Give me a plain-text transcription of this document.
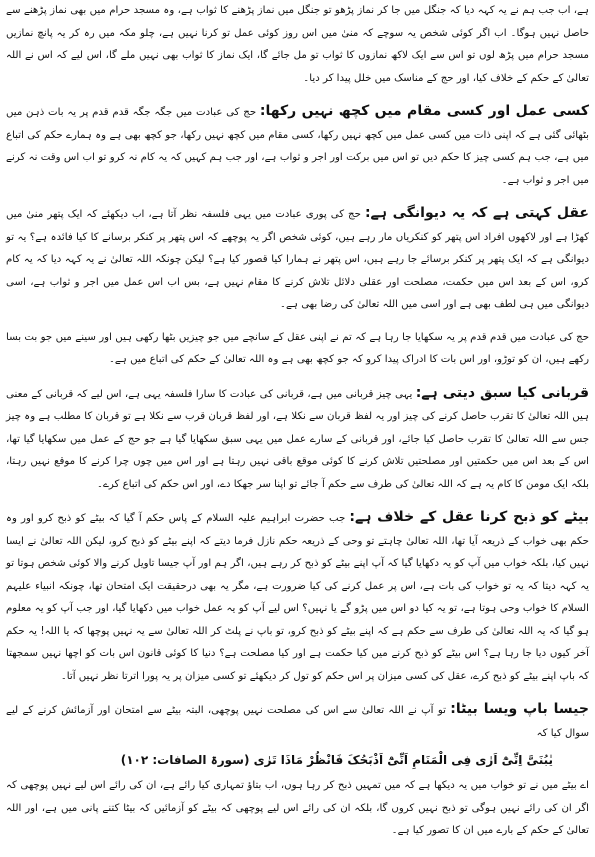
ہے، اب جب ہم نے یہ کہہ دیا کہ جنگل میں جا کر نماز پڑھو تو جنگل میں نماز پڑھنے کا ثواب ہے، وہ مسجد حرام میں بھی نماز پڑھنے سے حاصل نہیں ہوگا۔ اب اگر کوئی شخص یہ سوچے کہ منیٰ میں اس روز کوئی عمل تو کرنا نہیں ہے، چلو مکہ میں رہ کر یہ پانچ نمازیں مسجد حرام میں پڑھ لوں تو اس سے ایک لاکھ نمازوں کا ثواب تو مل جائے گا، ایک نماز کا ثواب بھی نہیں ملے گا، اس لیے کہ اس نے اللہ تعالیٰ کے حکم کے خلاف کیا، اور حج کے مناسک میں خلل پیدا کر دیا۔

کسی عمل اور کسی مقام میں کچھ نہیں رکھا: حج کی عبادت میں جگہ جگہ قدم قدم پر یہ بات ذہن میں بٹھائی گئی ہے کہ اپنی ذات میں کسی عمل میں کچھ نہیں رکھا، کسی مقام میں کچھ نہیں رکھا، جو کچھ بھی ہے وہ ہمارے حکم کی اتباع میں ہے، جب ہم کسی چیز کا حکم دیں تو اس میں برکت اور اجر و ثواب ہے، اور جب ہم کہیں کہ یہ کام نہ کرو تو اب اس وقت نہ کرنے میں اجر و ثواب ہے۔

عقل کہتی ہے کہ یہ دیوانگی ہے: حج کی پوری عبادت میں یہی فلسفہ نظر آتا ہے، اب دیکھئے کہ ایک پتھر منیٰ میں کھڑا ہے اور لاکھوں افراد اس پتھر کو کنکریاں مار رہے ہیں، کوئی شخص اگر یہ پوچھے کہ اس پتھر پر کنکر برسانے کا کیا فائدہ ہے؟ یہ تو دیوانگی ہے کہ ایک پتھر پر کنکر برسائے جا رہے ہیں، اس پتھر نے ہمارا کیا قصور کیا ہے؟ لیکن چونکہ اللہ تعالیٰ نے یہ کہہ دیا کہ یہ کام کرو، اس کے بعد اس میں حکمت، مصلحت اور عقلی دلائل تلاش کرنے کا مقام نہیں ہے، بس اب اس عمل میں اجر و ثواب ہے، اسی دیوانگی میں ہی لطف بھی ہے اور اسی میں اللہ تعالیٰ کی رضا بھی ہے۔

حج کی عبادت میں قدم قدم پر یہ سکھایا جا رہا ہے کہ تم نے اپنی عقل کے سانچے میں جو چیزیں بٹھا رکھی ہیں اور سینے میں جو بت بسا رکھے ہیں، ان کو توڑو، اور اس بات کا ادراک پیدا کرو کہ جو کچھ بھی ہے وہ اللہ تعالیٰ کے حکم کی اتباع میں ہے۔

قربانی کیا سبق دیتی ہے: یہی چیز قربانی میں ہے، قربانی کی عبادت کا سارا فلسفہ یہی ہے، اس لیے کہ قربانی کے معنی ہیں اللہ تعالیٰ کا تقرب حاصل کرنے کی چیز اور یہ لفظ قربان سے نکلا ہے، اور لفظ قربان قرب سے نکلا ہے تو قربان کا مطلب ہے وہ چیز جس سے اللہ تعالیٰ کا تقرب حاصل کیا جائے، اور قربانی کے سارے عمل میں یہی سبق سکھایا گیا ہے جو حج کے عمل میں سکھایا گیا تھا، اس کے بعد اس میں حکمتیں اور مصلحتیں تلاش کرنے کا کوئی موقع باقی نہیں رہتا ہے اور اس میں چوں چرا کرنے کا موقع نہیں رہتا، بلکہ ایک مومن کا کام یہ ہے کہ اللہ تعالیٰ کی طرف سے حکم آ جائے تو اپنا سر جھکا دے، اور اس حکم کی اتباع کرے۔

بیٹے کو ذبح کرنا عقل کے خلاف ہے: جب حضرت ابراہیم علیہ السلام کے پاس حکم آ گیا کہ بیٹے کو ذبح کرو اور وہ حکم بھی خواب کے ذریعہ آیا تھا، اللہ تعالیٰ چاہتے تو وحی کے ذریعہ حکم نازل فرما دیتے کہ اپنے بیٹے کو ذبح کرو، لیکن اللہ تعالیٰ نے ایسا نہیں کیا، بلکہ خواب میں آپ کو یہ دکھایا گیا کہ آپ اپنے بیٹے کو ذبح کر رہے ہیں، اگر ہم اور آپ جیسا تاویل کرنے والا کوئی شخص ہوتا تو یہ کہہ دیتا کہ یہ تو خواب کی بات ہے، اس پر عمل کرنے کی کیا ضرورت ہے، مگر یہ بھی درحقیقت ایک امتحان تھا، چونکہ انبیاء علیہم السلام کا خواب وحی ہوتا ہے، تو یہ کیا دو اس میں پڑو گے یا نہیں؟ اس لیے آپ کو یہ عمل خواب میں دکھایا گیا، اور جب آپ کو یہ معلوم ہو گیا کہ یہ اللہ تعالیٰ کی طرف سے حکم ہے کہ اپنے بیٹے کو ذبح کرو، تو باپ نے پلٹ کر اللہ تعالیٰ سے یہ نہیں پوچھا کہ یا اللہ! یہ حکم آخر کیوں دیا جا رہا ہے؟ اس بیٹے کو ذبح کرنے میں کیا حکمت ہے اور کیا مصلحت ہے؟ دنیا کا کوئی قانون اس بات کو اچھا نہیں سمجھتا کہ باپ اپنے بیٹے کو ذبح کرے، عقل کی کسی میزان پر اس حکم کو تول کر دیکھئے تو کسی میزان پر یہ پورا اترتا نظر نہیں آتا۔

جیسا باپ ویسا بیٹا: تو آپ نے اللہ تعالیٰ سے اس کی مصلحت نہیں پوچھی، البتہ بیٹے سے امتحان اور آزمائش کرنے کے لیے سوال کیا کہ

یٰبُنَیَّ اِنِّیْٓ اَرٰی فِی الْمَنَامِ اَنِّیْٓ اَذْبَحُکَ فَانْظُرْ مَاذَا تَرٰی (سورۃ الصافات: ۱۰۲)

اے بیٹے میں نے تو خواب میں یہ دیکھا ہے کہ میں تمہیں ذبح کر رہا ہوں، اب بتاؤ تمہاری کیا رائے ہے، ان کی رائے اس لیے نہیں پوچھی کہ اگر ان کی رائے نہیں ہوگی تو ذبح نہیں کروں گا، بلکہ ان کی رائے اس لیے پوچھی کہ بیٹے کو آزمائیں کہ بیٹا کتنے پانی میں ہے، اور اللہ تعالیٰ کے حکم کے بارے میں ان کا تصور کیا ہے۔
